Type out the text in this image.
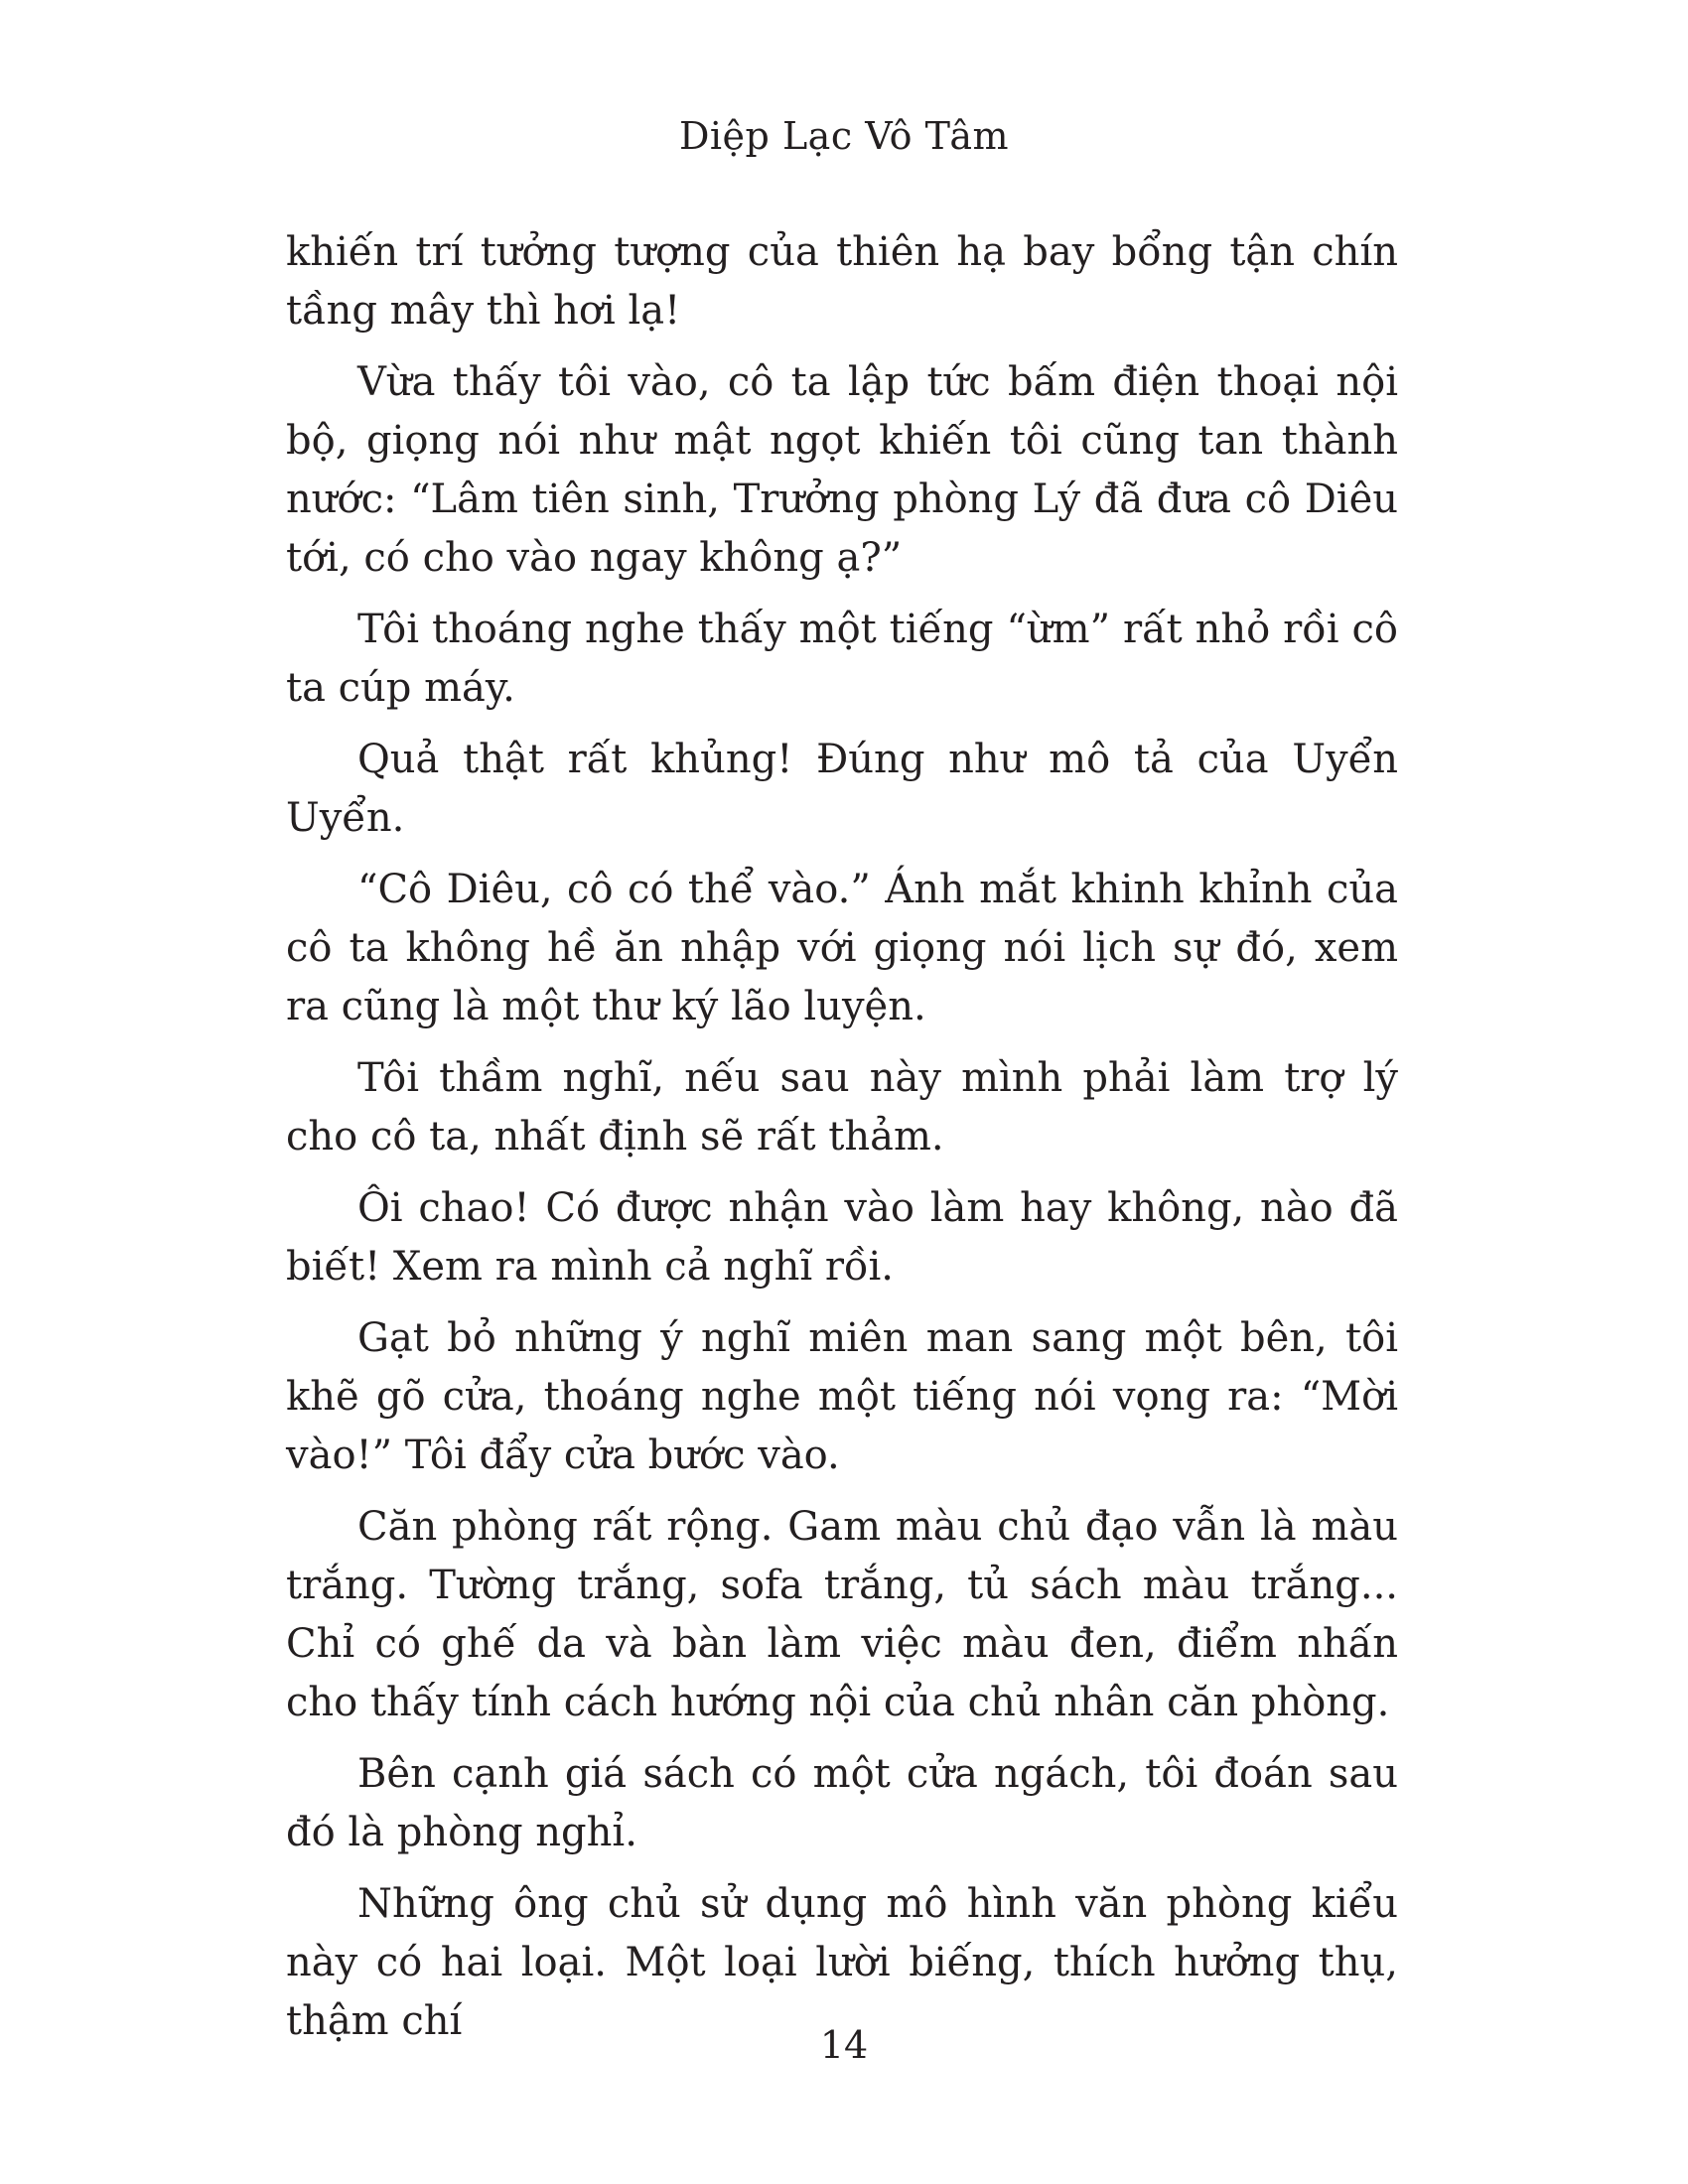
Diệp Lạc Vô Tâm

khiến trí tưởng tượng của thiên hạ bay bổng tận chín tầng mây thì hơi lạ!

Vừa thấy tôi vào, cô ta lập tức bấm điện thoại nội bộ, giọng nói như mật ngọt khiến tôi cũng tan thành nước: “Lâm tiên sinh, Trưởng phòng Lý đã đưa cô Diêu tới, có cho vào ngay không ạ?”

Tôi thoáng nghe thấy một tiếng “ừm” rất nhỏ rồi cô ta cúp máy.

Quả thật rất khủng! Đúng như mô tả của Uyển Uyển.

“Cô Diêu, cô có thể vào.” Ánh mắt khinh khỉnh của cô ta không hề ăn nhập với giọng nói lịch sự đó, xem ra cũng là một thư ký lão luyện.

Tôi thầm nghĩ, nếu sau này mình phải làm trợ lý cho cô ta, nhất định sẽ rất thảm.

Ôi chao! Có được nhận vào làm hay không, nào đã biết! Xem ra mình cả nghĩ rồi.

Gạt bỏ những ý nghĩ miên man sang một bên, tôi khẽ gõ cửa, thoáng nghe một tiếng nói vọng ra: “Mời vào!” Tôi đẩy cửa bước vào.

Căn phòng rất rộng. Gam màu chủ đạo vẫn là màu trắng. Tường trắng, sofa trắng, tủ sách màu trắng... Chỉ có ghế da và bàn làm việc màu đen, điểm nhấn cho thấy tính cách hướng nội của chủ nhân căn phòng.

Bên cạnh giá sách có một cửa ngách, tôi đoán sau đó là phòng nghỉ.

Những ông chủ sử dụng mô hình văn phòng kiểu này có hai loại. Một loại lười biếng, thích hưởng thụ, thậm chí

14
